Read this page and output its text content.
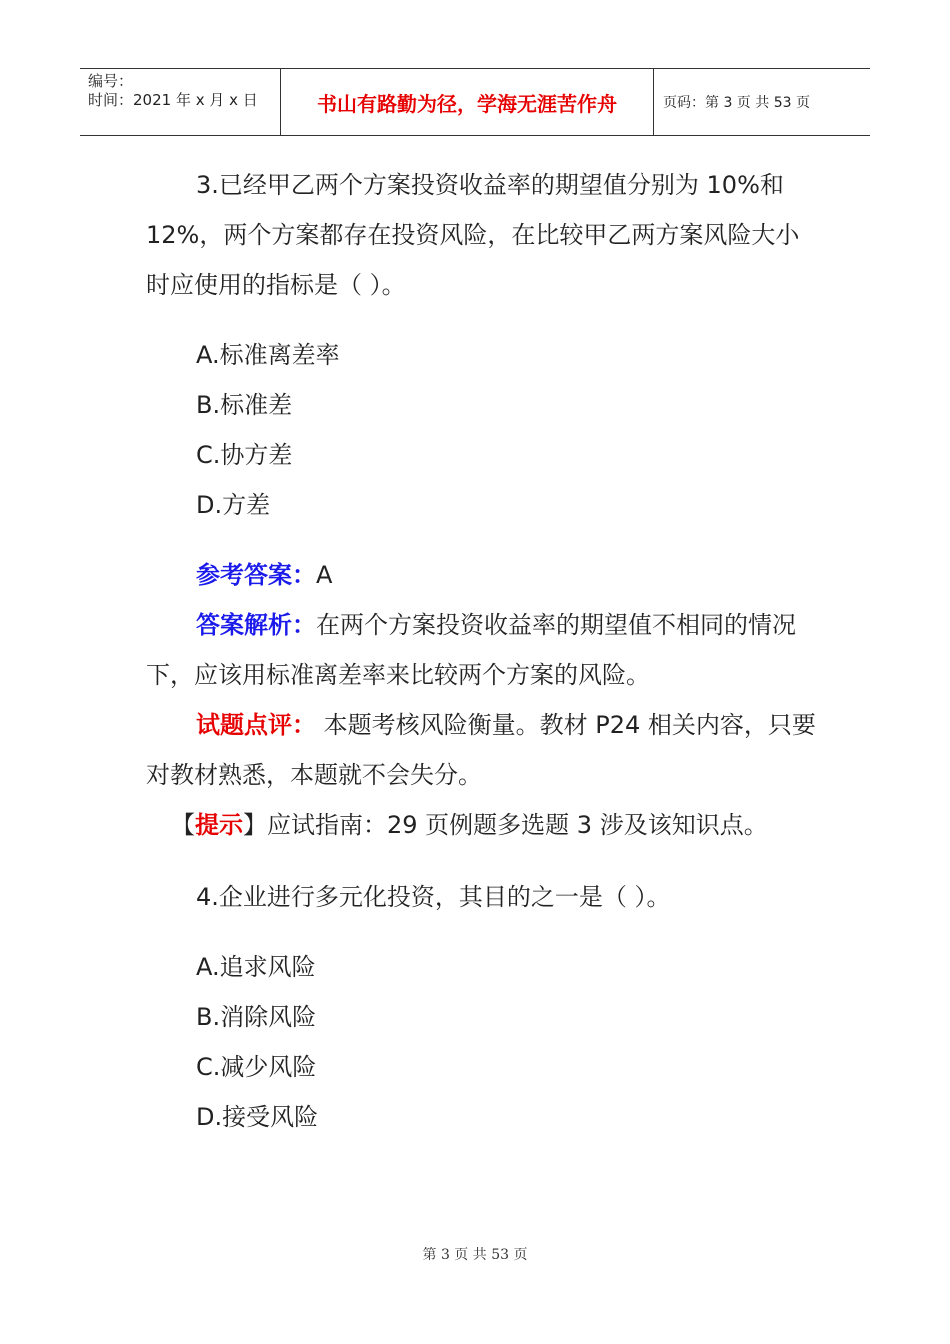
编号：
时间：2021 年 x 月 x 日	书山有路勤为径，学海无涯苦作舟	页码：第 3 页 共 53 页

3.已经甲乙两个方案投资收益率的期望值分别为 10%和 12%，两个方案都存在投资风险，在比较甲乙两方案风险大小时应使用的指标是（ ）。

A.标准离差率
B.标准差
C.协方差
D.方差

参考答案：A

答案解析：在两个方案投资收益率的期望值不相同的情况下，应该用标准离差率来比较两个方案的风险。

试题点评： 本题考核风险衡量。教材 P24 相关内容，只要对教材熟悉，本题就不会失分。

【提示】应试指南：29 页例题多选题 3 涉及该知识点。

4.企业进行多元化投资，其目的之一是（ ）。

A.追求风险
B.消除风险
C.减少风险
D.接受风险
第 3 页 共 53 页
